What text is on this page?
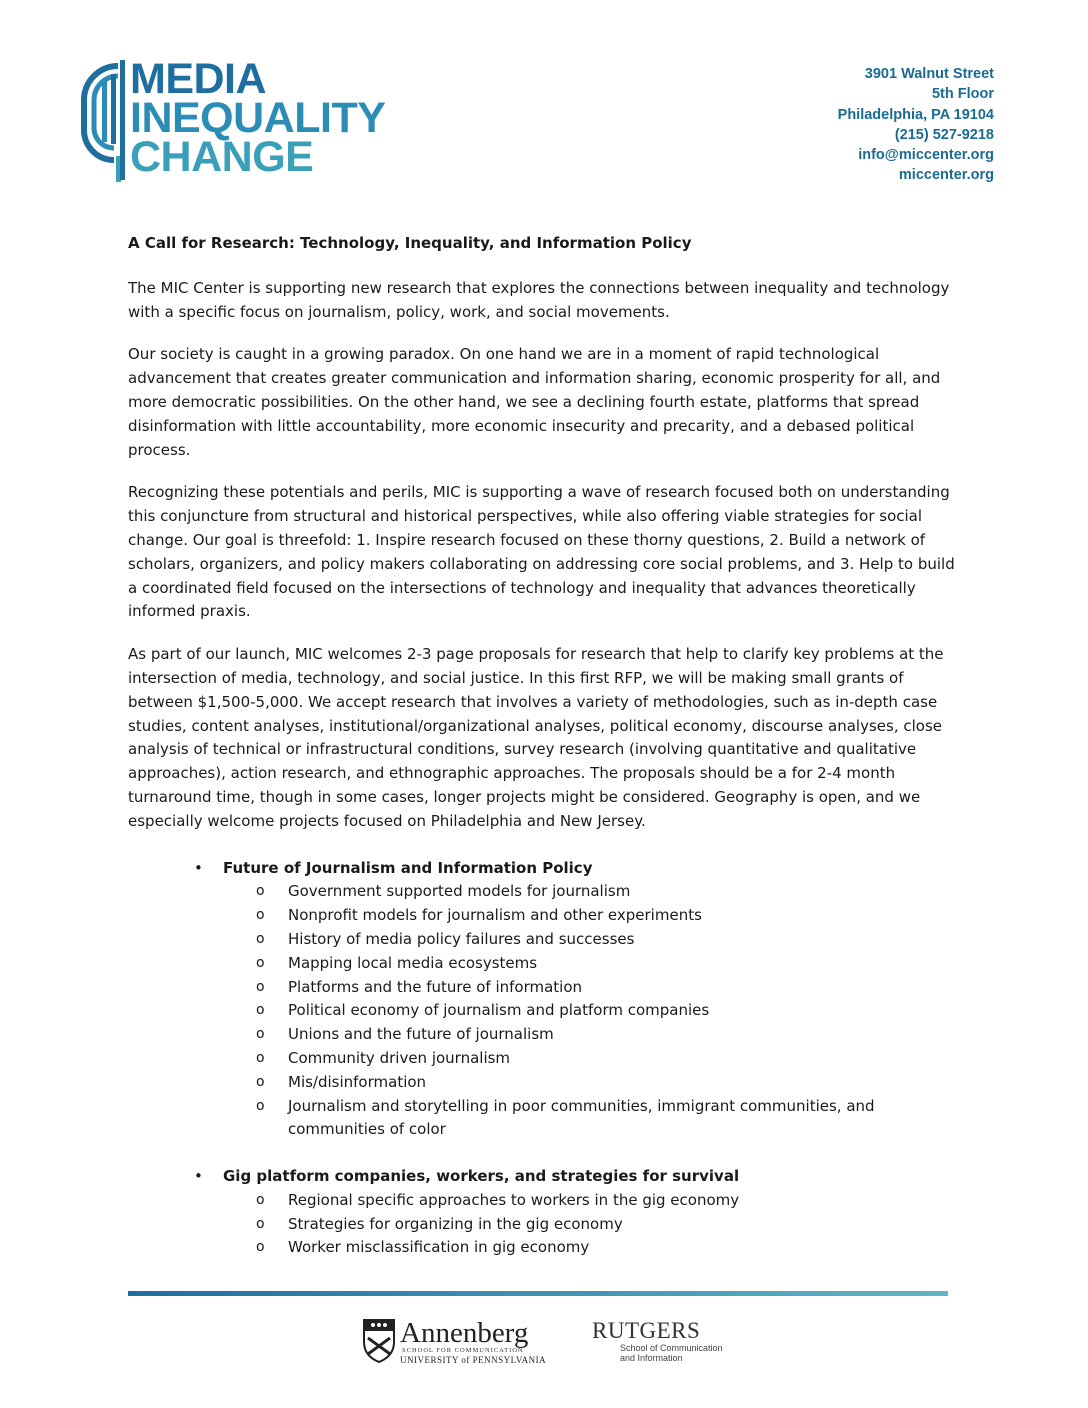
MEDIA
INEQUALITY
CHANGE
3901 Walnut Street
5th Floor
Philadelphia, PA 19104
(215) 527-9218
info@miccenter.org
miccenter.org
A Call for Research: Technology, Inequality, and Information Policy

The MIC Center is supporting new research that explores the connections between inequality and technology with a specific focus on journalism, policy, work, and social movements.

Our society is caught in a growing paradox. On one hand we are in a moment of rapid technological advancement that creates greater communication and information sharing, economic prosperity for all, and more democratic possibilities. On the other hand, we see a declining fourth estate, platforms that spread disinformation with little accountability, more economic insecurity and precarity, and a debased political process.

Recognizing these potentials and perils, MIC is supporting a wave of research focused both on understanding this conjuncture from structural and historical perspectives, while also offering viable strategies for social change. Our goal is threefold: 1. Inspire research focused on these thorny questions, 2. Build a network of scholars, organizers, and policy makers collaborating on addressing core social problems, and 3. Help to build a coordinated field focused on the intersections of technology and inequality that advances theoretically informed praxis.

As part of our launch, MIC welcomes 2-3 page proposals for research that help to clarify key problems at the intersection of media, technology, and social justice. In this first RFP, we will be making small grants of between $1,500-5,000. We accept research that involves a variety of methodologies, such as in-depth case studies, content analyses, institutional/organizational analyses, political economy, discourse analyses, close analysis of technical or infrastructural conditions, survey research (involving quantitative and qualitative approaches), action research, and ethnographic approaches. The proposals should be a for 2-4 month turnaround time, though in some cases, longer projects might be considered. Geography is open, and we especially welcome projects focused on Philadelphia and New Jersey.

• Future of Journalism and Information Policy
o Government supported models for journalism
o Nonprofit models for journalism and other experiments
o History of media policy failures and successes
o Mapping local media ecosystems
o Platforms and the future of information
o Political economy of journalism and platform companies
o Unions and the future of journalism
o Community driven journalism
o Mis/disinformation
o Journalism and storytelling in poor communities, immigrant communities, and communities of color
• Gig platform companies, workers, and strategies for survival
o Regional specific approaches to workers in the gig economy
o Strategies for organizing in the gig economy
o Worker misclassification in gig economy
Annenberg
SCHOOL FOR COMMUNICATION
UNIVERSITY of PENNSYLVANIA
RUTGERS
School of Communication and Information
